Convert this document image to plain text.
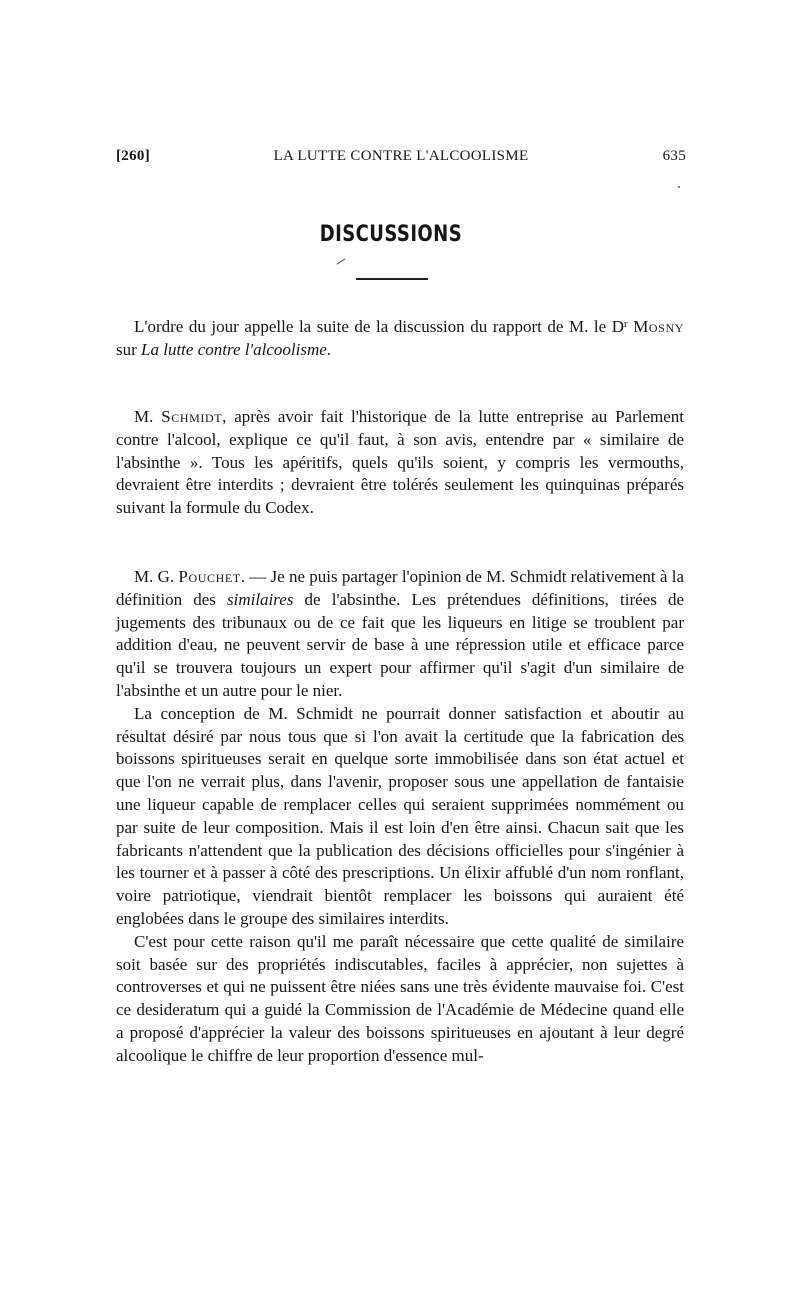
[260]	LA LUTTE CONTRE L'ALCOOLISME	635
DISCUSSIONS

L'ordre du jour appelle la suite de la discussion du rapport de M. le $D^r$ Mosny sur La lutte contre l'alcoolisme.

M. Schmidt, après avoir fait l'historique de la lutte entreprise au Parlement contre l'alcool, explique ce qu'il faut, à son avis, entendre par « similaire de l'absinthe ». Tous les apéritifs, quels qu'ils soient, y compris les vermouths, devraient être interdits ; devraient être tolérés seulement les quinquinas préparés suivant la formule du Codex.

M. G. Pouchet. — Je ne puis partager l'opinion de M. Schmidt relativement à la définition des similaires de l'absinthe. Les prétendues définitions, tirées de jugements des tribunaux ou de ce fait que les liqueurs en litige se troublent par addition d'eau, ne peuvent servir de base à une répression utile et efficace parce qu'il se trouvera toujours un expert pour affirmer qu'il s'agit d'un similaire de l'absinthe et un autre pour le nier.

La conception de M. Schmidt ne pourrait donner satisfaction et aboutir au résultat désiré par nous tous que si l'on avait la certitude que la fabrication des boissons spiritueuses serait en quelque sorte immobilisée dans son état actuel et que l'on ne verrait plus, dans l'avenir, proposer sous une appellation de fantaisie une liqueur capable de remplacer celles qui seraient supprimées nommément ou par suite de leur composition. Mais il est loin d'en être ainsi. Chacun sait que les fabricants n'attendent que la publication des décisions officielles pour s'ingénier à les tourner et à passer à côté des prescriptions. Un élixir affublé d'un nom ronflant, voire patriotique, viendrait bientôt remplacer les boissons qui auraient été englobées dans le groupe des similaires interdits.

C'est pour cette raison qu'il me paraît nécessaire que cette qualité de similaire soit basée sur des propriétés indiscutables, faciles à apprécier, non sujettes à controverses et qui ne puissent être niées sans une très évidente mauvaise foi. C'est ce desideratum qui a guidé la Commission de l'Académie de Médecine quand elle a proposé d'apprécier la valeur des boissons spiritueuses en ajoutant à leur degré alcoolique le chiffre de leur proportion d'essence mul-
